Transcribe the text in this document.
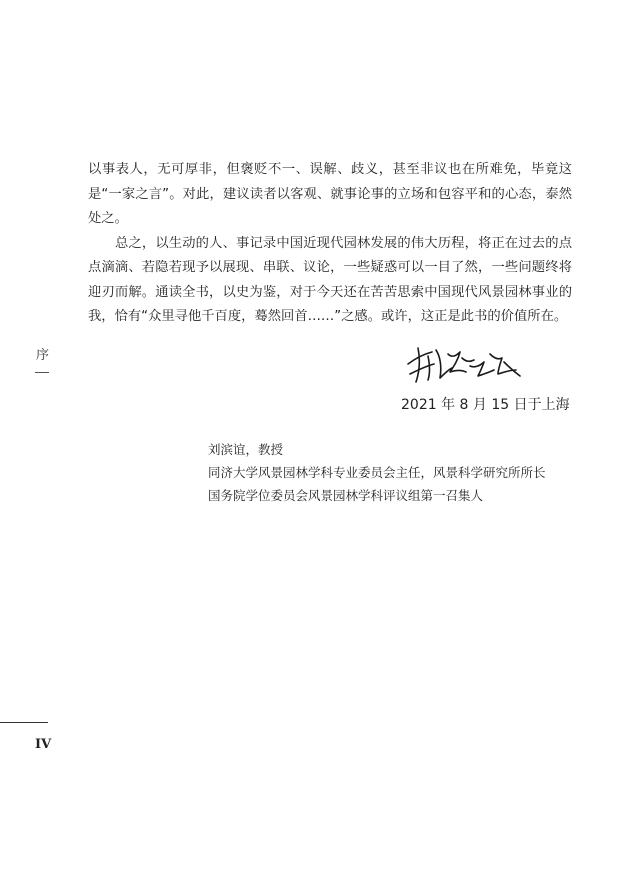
以事表人，无可厚非，但褒贬不一、误解、歧义，甚至非议也在所难免，毕竟这是“一家之言”。对此，建议读者以客观、就事论事的立场和包容平和的心态，泰然处之。

总之，以生动的人、事记录中国近现代园林发展的伟大历程，将正在过去的点点滴滴、若隐若现予以展现、串联、议论，一些疑惑可以一目了然，一些问题终将迎刃而解。通读全书，以史为鉴，对于今天还在苦苦思索中国现代风景园林事业的我，恰有“众里寻他千百度，蓦然回首……”之感。或许，这正是此书的价值所在。

序
2021 年 8 月 15 日于上海
刘滨谊，教授
同济大学风景园林学科专业委员会主任，风景科学研究所所长
国务院学位委员会风景园林学科评议组第一召集人
IV
